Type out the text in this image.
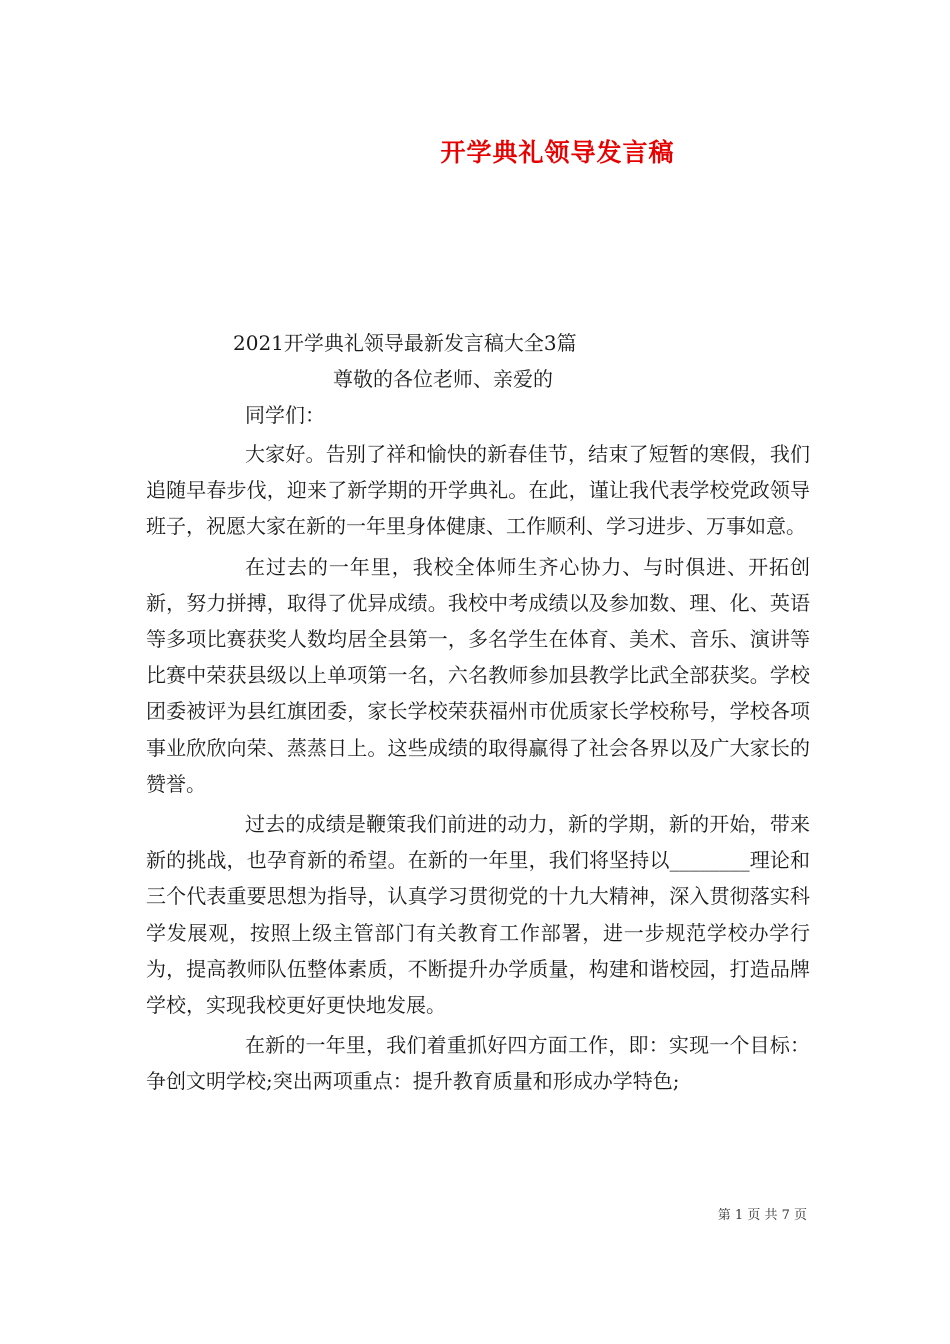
开学典礼领导发言稿
2021开学典礼领导最新发言稿大全3篇
尊敬的各位老师、亲爱的
同学们：

大家好。告别了祥和愉快的新春佳节，结束了短暂的寒假，我们追随早春步伐，迎来了新学期的开学典礼。在此，谨让我代表学校党政领导班子，祝愿大家在新的一年里身体健康、工作顺利、学习进步、万事如意。

在过去的一年里，我校全体师生齐心协力、与时俱进、开拓创新，努力拼搏，取得了优异成绩。我校中考成绩以及参加数、理、化、英语等多项比赛获奖人数均居全县第一，多名学生在体育、美术、音乐、演讲等比赛中荣获县级以上单项第一名，六名教师参加县教学比武全部获奖。学校团委被评为县红旗团委，家长学校荣获福州市优质家长学校称号，学校各项事业欣欣向荣、蒸蒸日上。这些成绩的取得赢得了社会各界以及广大家长的赞誉。

过去的成绩是鞭策我们前进的动力，新的学期，新的开始，带来新的挑战，也孕育新的希望。在新的一年里，我们将坚持以________理论和三个代表重要思想为指导，认真学习贯彻党的十九大精神，深入贯彻落实科学发展观，按照上级主管部门有关教育工作部署，进一步规范学校办学行为，提高教师队伍整体素质，不断提升办学质量，构建和谐校园，打造品牌学校，实现我校更好更快地发展。

在新的一年里，我们着重抓好四方面工作，即：实现一个目标：争创文明学校;突出两项重点：提升教育质量和形成办学特色;

第 1 页 共 7 页
